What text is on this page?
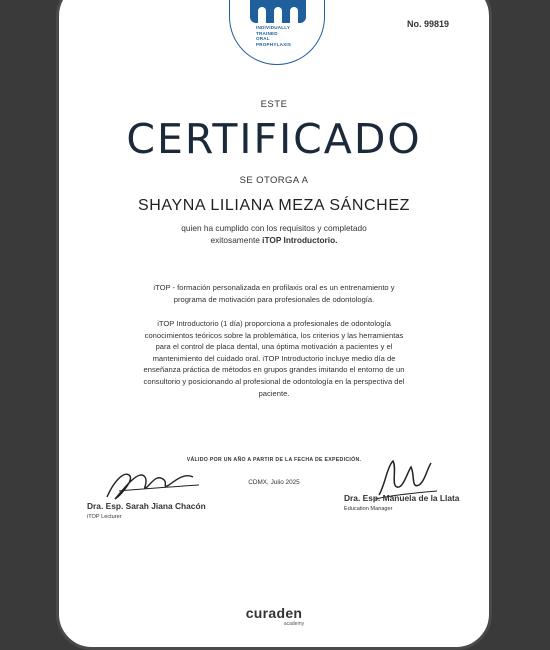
INDIVIDUALLY
TRAINED
ORAL
PROPHYLAXIS
No. 99819
ESTE
CERTIFICADO
SE OTORGA A
SHAYNA LILIANA MEZA SÁNCHEZ
quien ha cumplido con los requisitos y completado
exitosamente iTOP Introductorio.
iTOP - formación personalizada en profilaxis oral es un entrenamiento y
programa de motivación para profesionales de odontología.
iTOP Introductorio (1 día) proporciona a profesionales de odontología
conocimientos teóricos sobre la problemática, los criterios y las herramientas
para el control de placa dental, una óptima motivación a pacientes y el
mantenimiento del cuidado oral. iTOP Introductorio incluye medio día de
enseñanza práctica de métodos en grupos grandes imitando el entorno de un
consultorio y posicionando al profesional de odontología en la perspectiva del
paciente.
VÁLIDO POR UN AÑO A PARTIR DE LA FECHA DE EXPEDICIÓN.
CDMX, Julio 2025
Dra. Esp. Sarah Jiana Chacón
iTOP Lecturer
Dra. Esp. Manuela de la Llata
Education Manager
curaden
academy
